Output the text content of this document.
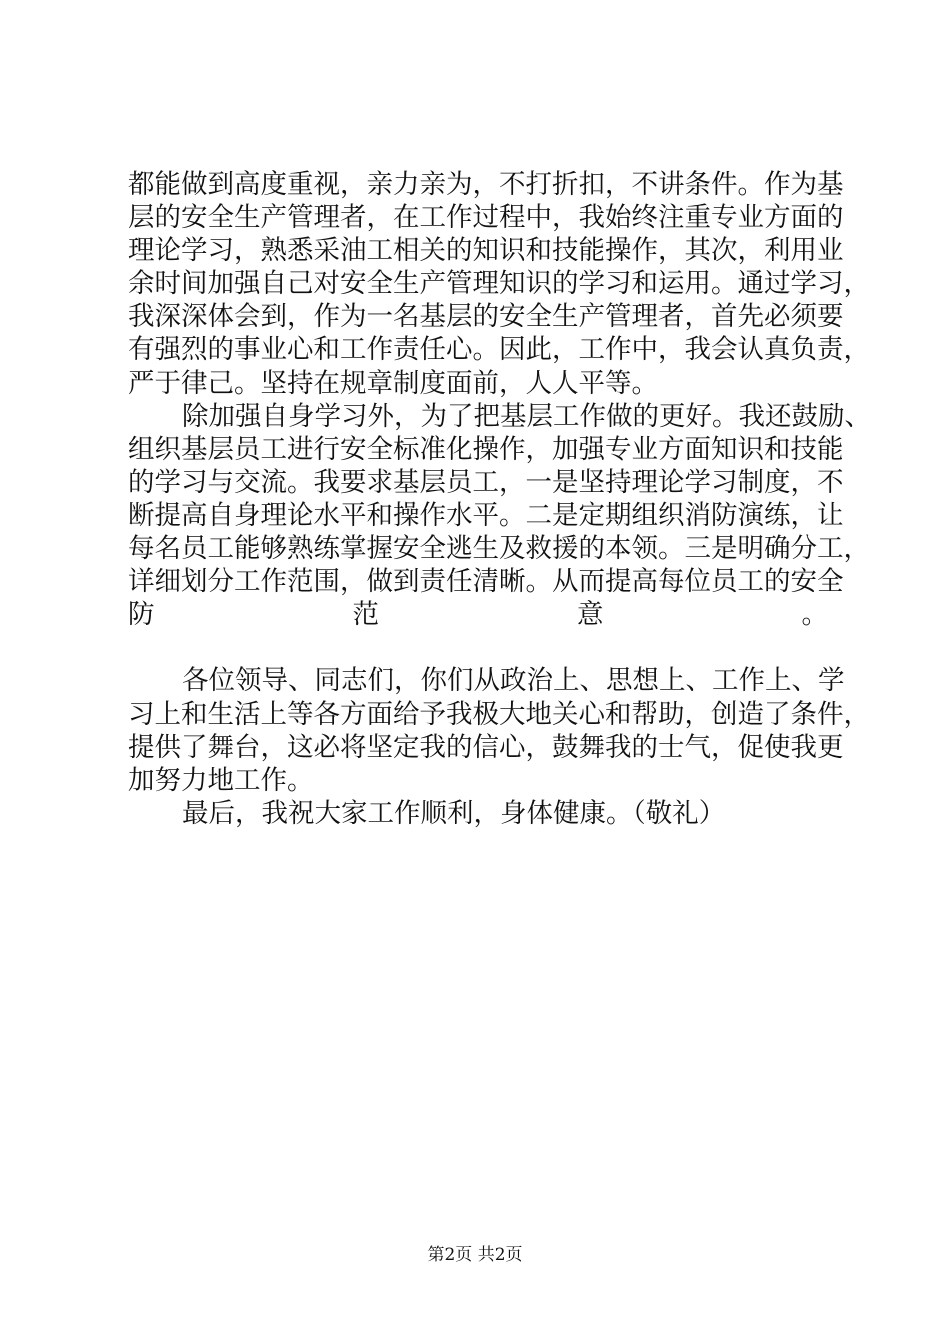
都能做到高度重视，亲力亲为，不打折扣，不讲条件。作为基
层的安全生产管理者，在工作过程中，我始终注重专业方面的
理论学习，熟悉采油工相关的知识和技能操作，其次，利用业
余时间加强自己对安全生产管理知识的学习和运用。通过学习，
我深深体会到，作为一名基层的安全生产管理者，首先必须要
有强烈的事业心和工作责任心。因此，工作中，我会认真负责，
严于律己。坚持在规章制度面前，人人平等。
除加强自身学习外，为了把基层工作做的更好。我还鼓励、
组织基层员工进行安全标准化操作，加强专业方面知识和技能
的学习与交流。我要求基层员工，一是坚持理论学习制度，不
断提高自身理论水平和操作水平。二是定期组织消防演练，让
每名员工能够熟练掌握安全逃生及救援的本领。三是明确分工，
详细划分工作范围，做到责任清晰。从而提高每位员工的安全
防范意。
各位领导、同志们，你们从政治上、思想上、工作上、学
习上和生活上等各方面给予我极大地关心和帮助，创造了条件，
提供了舞台，这必将坚定我的信心，鼓舞我的士气，促使我更
加努力地工作。
最后，我祝大家工作顺利，身体健康。（敬礼）
第2页 共2页
